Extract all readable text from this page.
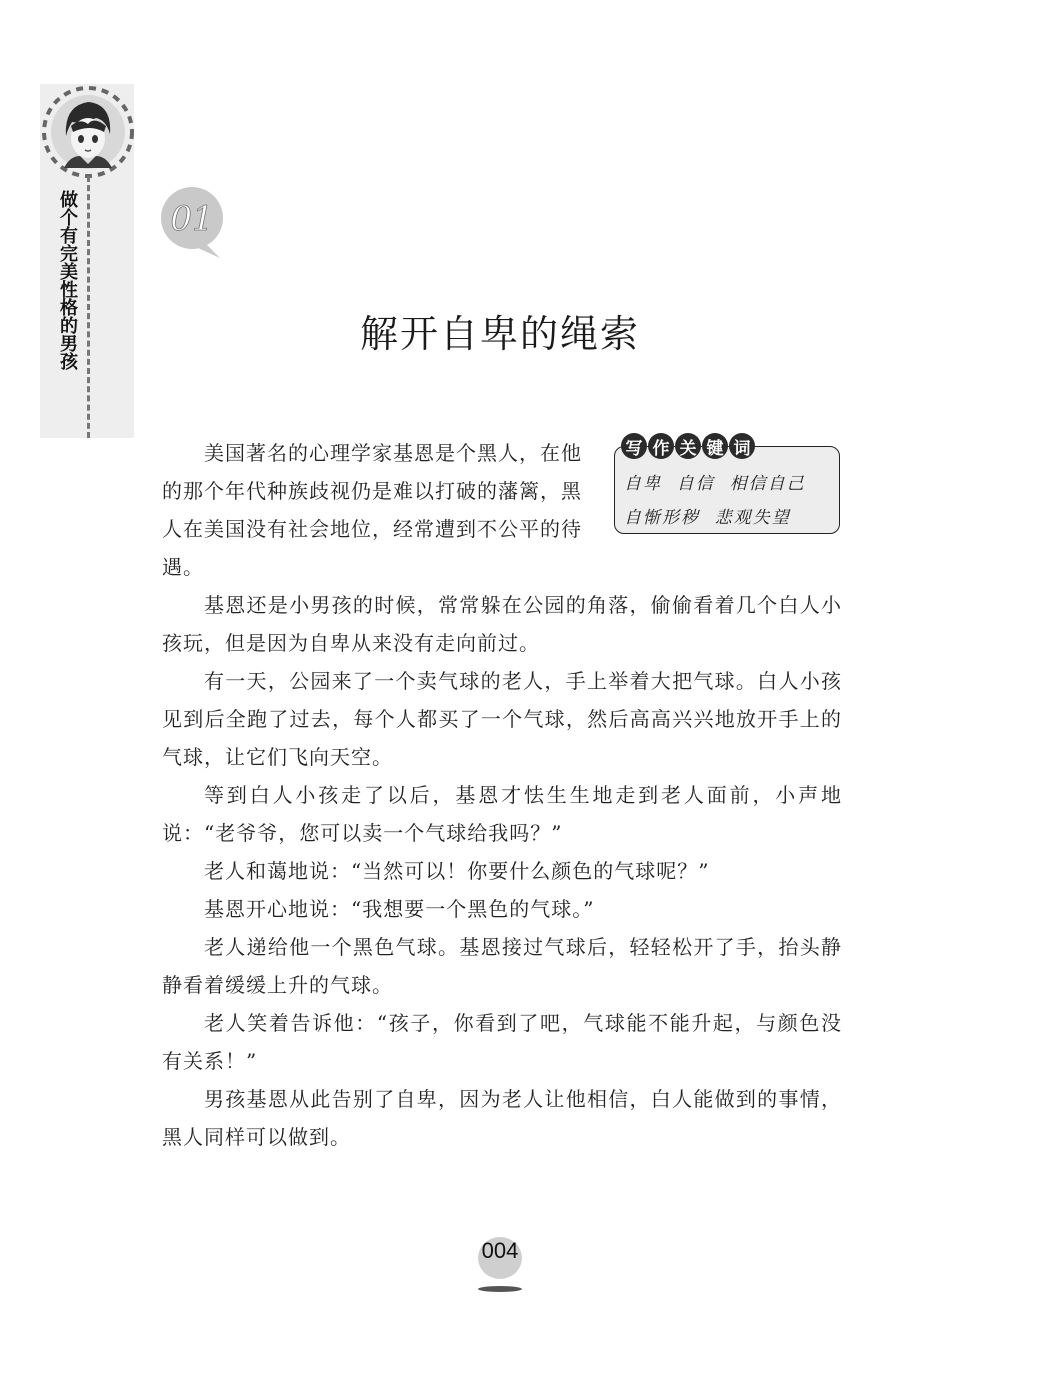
做个有完美性格的男孩	01
解开自卑的绳索
写 作 关 键 词
自卑  自信  相信自己
自惭形秽  悲观失望

美国著名的心理学家基恩是个黑人，在他的那个年代种族歧视仍是难以打破的藩篱，黑人在美国没有社会地位，经常遭到不公平的待遇。

基恩还是小男孩的时候，常常躲在公园的角落，偷偷看着几个白人小孩玩，但是因为自卑从来没有走向前过。

有一天，公园来了一个卖气球的老人，手上举着大把气球。白人小孩见到后全跑了过去，每个人都买了一个气球，然后高高兴兴地放开手上的气球，让它们飞向天空。

等到白人小孩走了以后，基恩才怯生生地走到老人面前，小声地说：“老爷爷，您可以卖一个气球给我吗？”

老人和蔼地说：“当然可以！你要什么颜色的气球呢？”

基恩开心地说：“我想要一个黑色的气球。”

老人递给他一个黑色气球。基恩接过气球后，轻轻松开了手，抬头静静看着缓缓上升的气球。

老人笑着告诉他：“孩子，你看到了吧，气球能不能升起，与颜色没有关系！”

男孩基恩从此告别了自卑，因为老人让他相信，白人能做到的事情，黑人同样可以做到。

004
